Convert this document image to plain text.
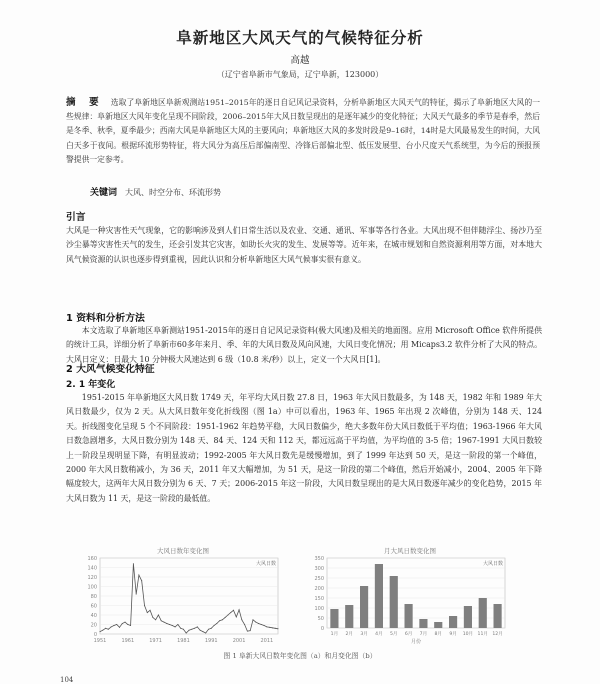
阜新地区大风天气的气候特征分析
高越
（辽宁省阜新市气象局，辽宁阜新，123000）
摘　要 选取了阜新地区阜新观测站1951–2015年的逐日自记风记录资料，分析阜新地区大风天气的特征，揭示了阜新地区大风的一些规律：阜新地区大风年变化呈现不同阶段，2006–2015年大风日数呈现出的是逐年减少的变化特征；大风天气最多的季节是春季，然后是冬季、秋季，夏季最少；西南大风是阜新地区大风的主要风向；阜新地区大风的多发时段是9–16时，14时是大风最易发生的时间，大风白天多于夜间。根据环流形势特征，将大风分为高压后部偏南型、冷锋后部偏北型、低压发展型、台小尺度天气系统型，为今后的预报预警提供一定参考。
关键词 大风、时空分布、环流形势
引言
大风是一种灾害性天气现象，它的影响涉及到人们日常生活以及农业、交通、通讯、军事等各行各业。大风出现不但伴随浮尘、扬沙乃至沙尘暴等灾害性天气的发生，还会引发其它灾害，如助长火灾的发生、发展等等。近年来，在城市规划和自然资源利用等方面，对本地大风气候资源的认识也逐步得到重视，因此认识和分析阜新地区大风气候事实很有意义。
1 资料和分析方法
本文选取了阜新地区阜新测站1951-2015年的逐日自记风记录资料(极大风速)及相关的地面图。应用 Microsoft Office 软件所提供的统计工具，详细分析了阜新市60多年来月、季、年的大风日数及风向风速，大风日变化情况；用 Micaps3.2 软件分析了大风的特点。大风日定义：日最大 10 分钟极大风速达到 6 级（10.8 米/秒）以上，定义一个大风日[1]。
2 大风气候变化特征
2. 1 年变化
1951-2015 年阜新地区大风日数 1749 天，年平均大风日数 27.8 日，1963 年大风日数最多，为 148 天，1982 年和 1989 年大风日数最少，仅为 2 天。从大风日数年变化折线图（图 1a）中可以看出，1963 年、1965 年出现 2 次峰值，分别为 148 天、124 天。折线图变化呈现 5 个不同阶段：1951-1962 年趋势平稳，大风日数偏少，绝大多数年份大风日数低于平均值；1963-1966 年大风日数急剧增多，大风日数分别为 148 天、84 天、124 天和 112 天，都远远高于平均值，为平均值的 3-5 倍；1967-1991 大风日数较上一阶段呈现明显下降，有明显波动；1992-2005 年大风日数先是缓慢增加，到了 1999 年达到 50 天，是这一阶段的第一个峰值，2000 年大风日数稍减小，为 36 天，2011 年又大幅增加，为 51 天，是这一阶段的第二个峰值，然后开始减小，2004、2005 年下降幅度较大，这两年大风日数分别为 6 天、7 天；2006-2015 年这一阶段，大风日数呈现出的是大风日数逐年减少的变化趋势，2015 年大风日数为 11 天，是这一阶段的最低值。
大风日数年变化图
0
20
40
60
80
100
120
140
160
1951	1961	1971	1981	1991	2001	2011
大风日数
月大风日数变化图
0
50
100
150
200
250
300
350
1月 2月 3月 4月 5月 6月 7月 8月 9月 10月 11月 12月
月份
大风日数
图 1 阜新大风日数年变化图（a）和月变化图（b）
104
